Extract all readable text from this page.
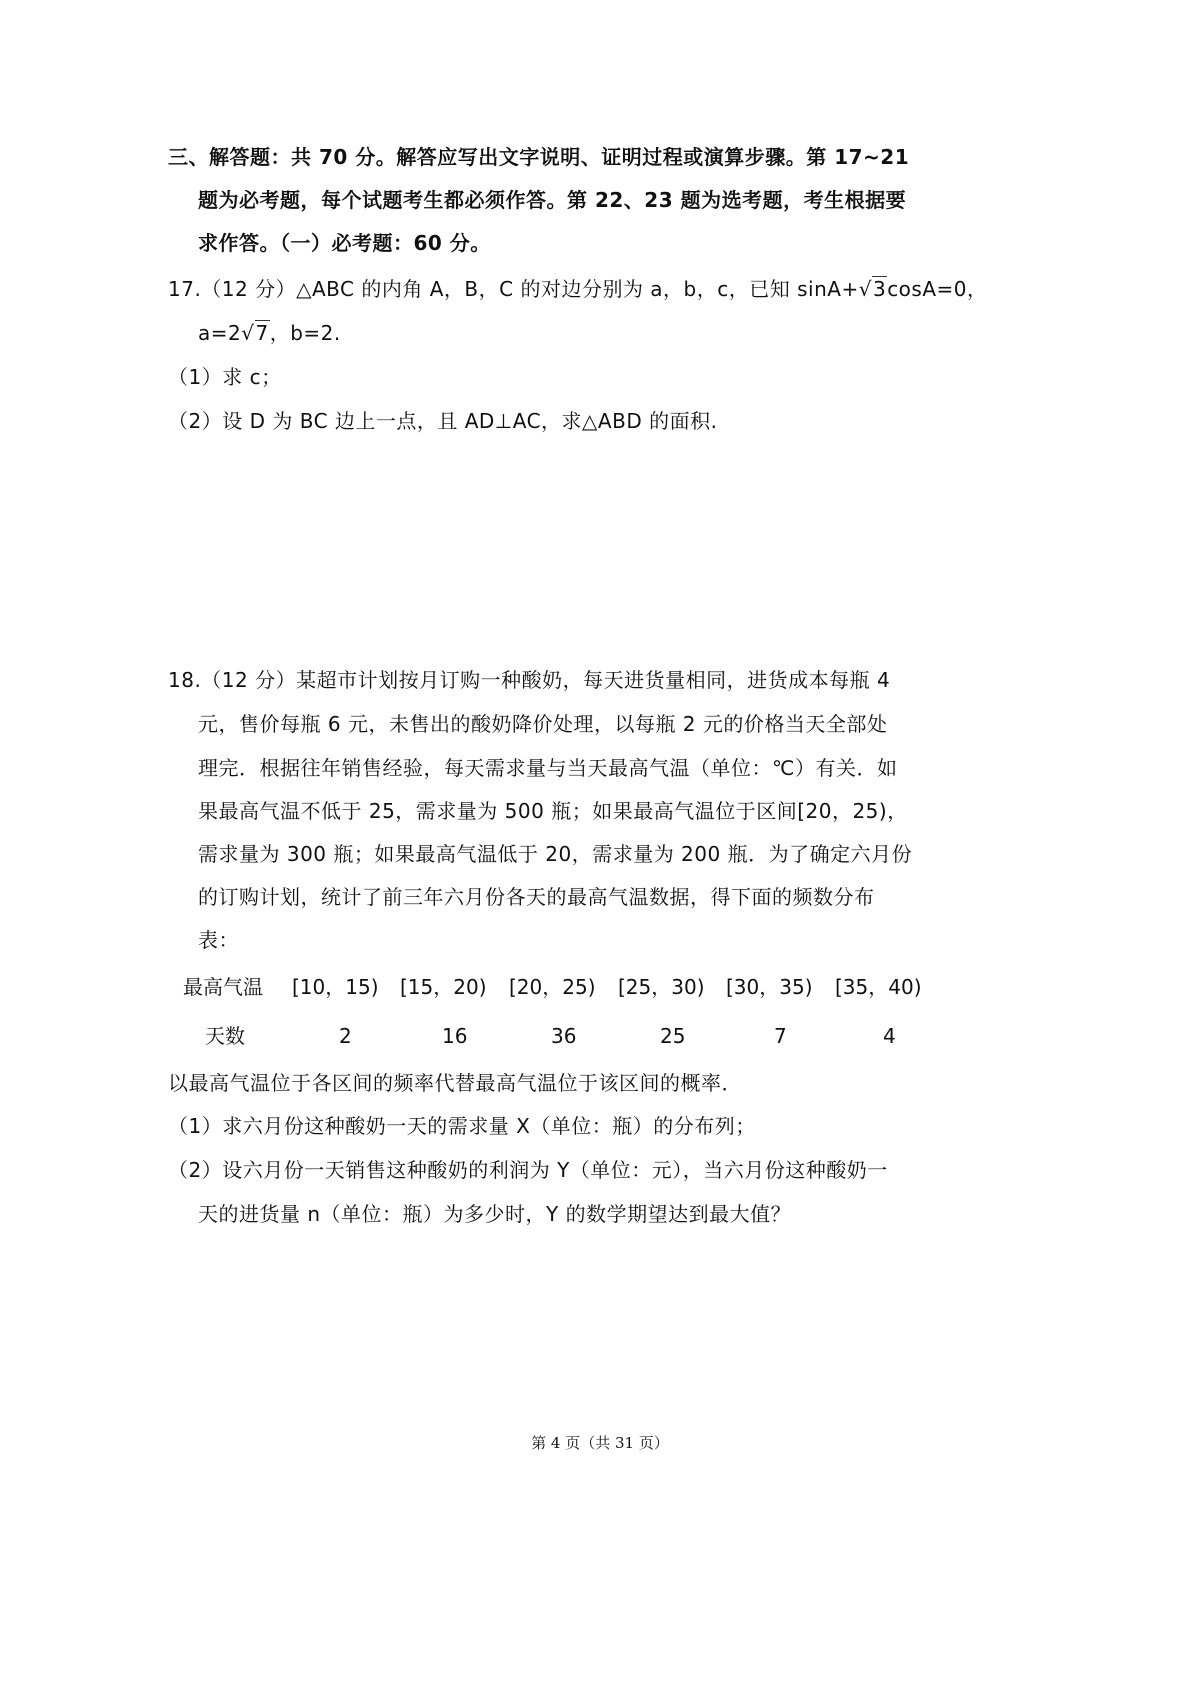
三、解答题：共 70 分。解答应写出文字说明、证明过程或演算步骤。第 17~21
题为必考题，每个试题考生都必须作答。第 22、23 题为选考题，考生根据要
求作答。（一）必考题：60 分。
17.（12 分）△ABC 的内角 A，B，C 的对边分别为 a，b，c，已知 sinA+√3cosA=0，
a=2√7，b=2.
（1）求 c；
（2）设 D 为 BC 边上一点，且 AD⊥AC，求△ABD 的面积.
18.（12 分）某超市计划按月订购一种酸奶，每天进货量相同，进货成本每瓶 4
元，售价每瓶 6 元，未售出的酸奶降价处理，以每瓶 2 元的价格当天全部处
理完．根据往年销售经验，每天需求量与当天最高气温（单位：℃）有关．如
果最高气温不低于 25，需求量为 500 瓶；如果最高气温位于区间[20，25)，
需求量为 300 瓶；如果最高气温低于 20，需求量为 200 瓶．为了确定六月份
的订购计划，统计了前三年六月份各天的最高气温数据，得下面的频数分布
表：
最高气温 [10，15) [15，20) [20，25) [25，30) [30，35) [35，40)
天数	2	16	36	25	7	4
以最高气温位于各区间的频率代替最高气温位于该区间的概率．
（1）求六月份这种酸奶一天的需求量 X（单位：瓶）的分布列；
（2）设六月份一天销售这种酸奶的利润为 Y（单位：元），当六月份这种酸奶一
天的进货量 n（单位：瓶）为多少时，Y 的数学期望达到最大值？
第 4 页（共 31 页）
